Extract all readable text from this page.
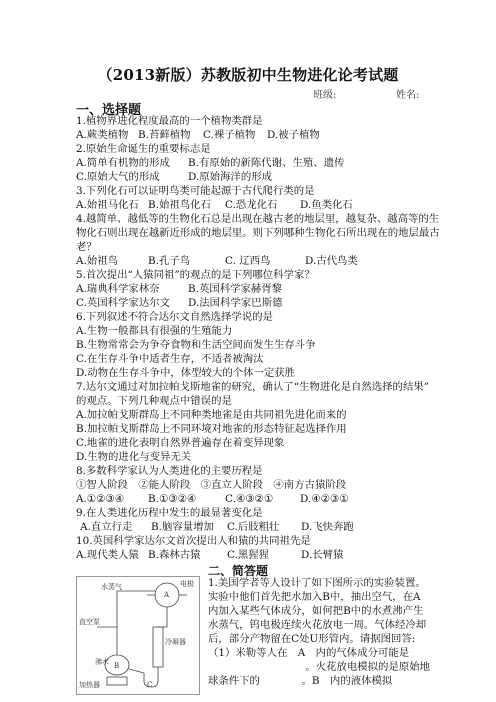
（2013新版）苏教版初中生物进化论考试题
班级:	姓名:
一、选择题
1.植物界进化程度最高的一个植物类群是
A.蕨类植物 B.苔藓植物 C.裸子植物 D.被子植物
2.原始生命诞生的重要标志是
A.简单有机物的形成 B.有原始的新陈代谢、生殖、遗传
C.原始大气的形成	D.原始海洋的形成
3.下列化石可以证明鸟类可能起源于古代爬行类的是
A.始祖马化石 B.始祖鸟化石 C.恐龙化石 D.鱼类化石
4.越简单、越低等的生物化石总是出现在越古老的地层里，越复杂、越高等的生
物化石则出现在越新近形成的地层里。则下列哪种生物化石所出现在的地层最古
老？
A.始祖鸟	B.孔子鸟	C. 辽西鸟	D.古代鸟类
5.首次提出“人猿同祖”的观点的是下列哪位科学家？
A.瑞典科学家林奈	B.英国科学家赫胥黎
C.英国科学家达尔文 D.法国科学家巴斯德
6.下列叙述不符合达尔文自然选择学说的是
A.生物一般都具有很强的生殖能力
B.生物常常会为争夺食物和生活空间而发生生存斗争
C.在生存斗争中适者生存，不适者被淘汰
D.动物在生存斗争中，体型较大的个体一定获胜
7.达尔文通过对加拉帕戈斯地雀的研究，确认了“生物进化是自然选择的结果”
的观点。下列几种观点中错误的是
A.加拉帕戈斯群岛上不同种类地雀是由共同祖先进化而来的
B.加拉帕戈斯群岛上不同环境对地雀的形态特征起选择作用
C.地雀的进化表明自然界普遍存在着变异现象
D.生物的进化与变异无关
8.多数科学家认为人类进化的主要历程是
①智人阶段　②能人阶段　③直立人阶段　④南方古猿阶段
A.①②③④ B.①③②④	C.④③②①	D.④②③①
9.在人类进化历程中发生的最显著变化是
A.直立行走 B.脑容量增加 C.后肢粗壮 D.飞快奔跑
10.英国科学家达尔文首次提出人和猿的共同祖先是
A.现代类人猿 B.森林古猿	C.黑猩猩	D.长臂猿
二、简答题
电极
水蒸气
直空泵
冷凝器
沸水
加热器
A
B
C
1.美国学者等人设计了如下图所示的实验装置。
实验中他们首先把水加入B中，抽出空气，在A
内加入某些气体成分，如何把B中的水煮沸产生
水蒸气，钨电极连续火花放电一周。气体经冷却
后，部分产物留在C处U形管内。请据图回答:
（1）米勒等人在　A　内的气体成分可能是
。火花放电模拟的是原始地
球条件下的　　　　。B　内的液体模拟
